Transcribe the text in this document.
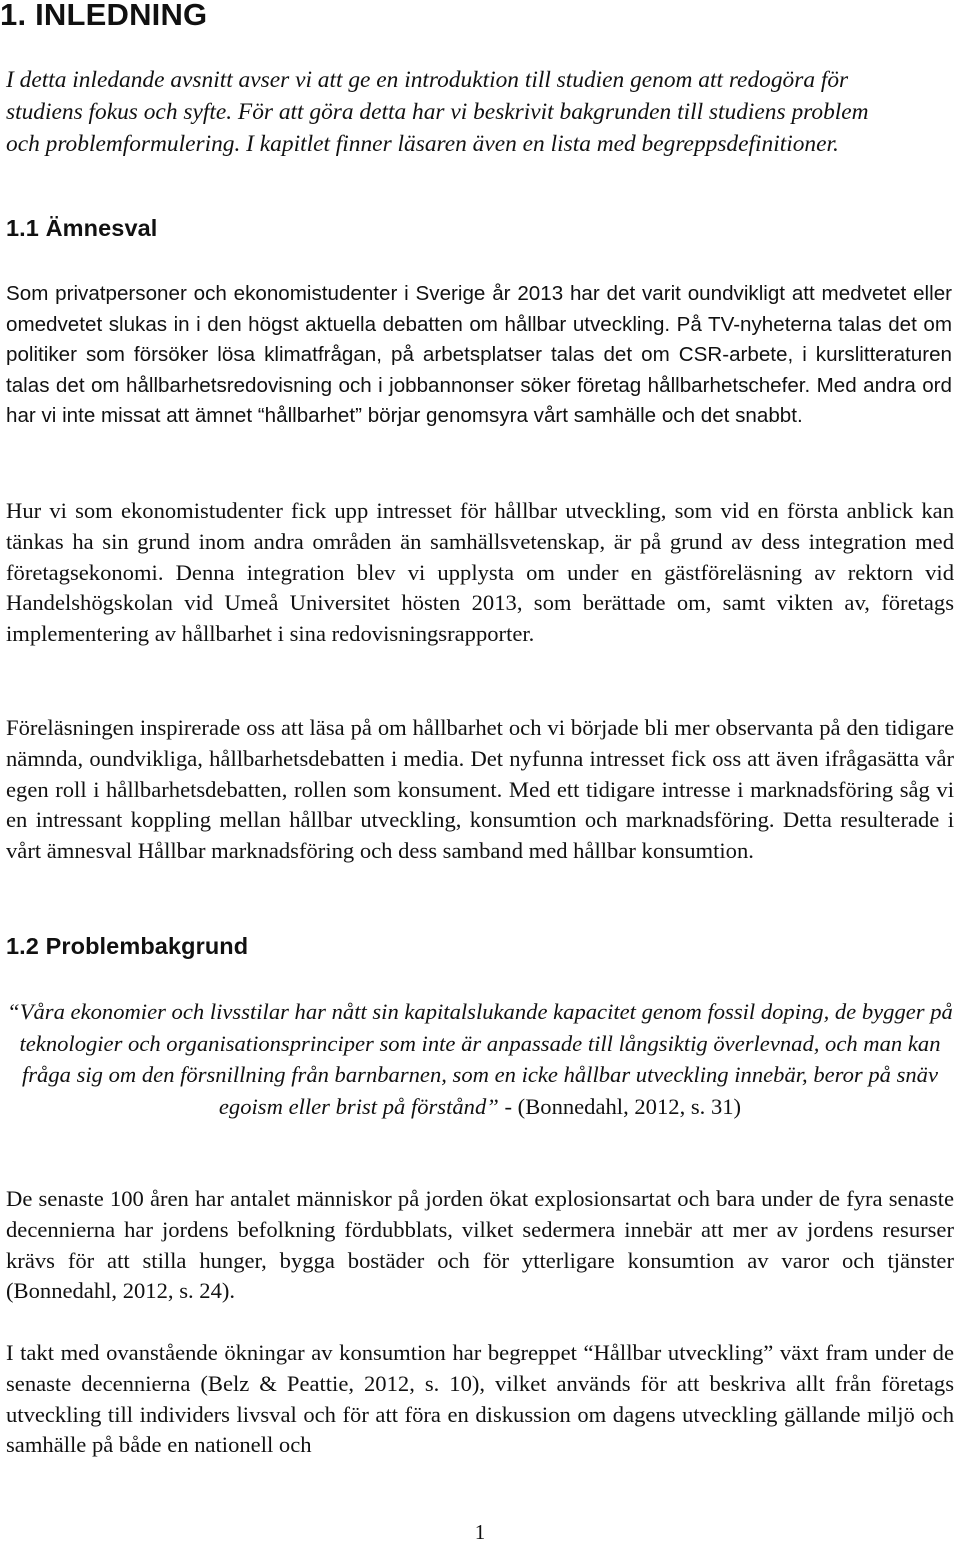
1. INLEDNING

I detta inledande avsnitt avser vi att ge en introduktion till studien genom att redogöra för studiens fokus och syfte. För att göra detta har vi beskrivit bakgrunden till studiens problem och problemformulering. I kapitlet finner läsaren även en lista med begreppsdefinitioner.

1.1 Ämnesval

Som privatpersoner och ekonomistudenter i Sverige år 2013 har det varit oundvikligt att medvetet eller omedvetet slukas in i den högst aktuella debatten om hållbar utveckling. På TV-nyheterna talas det om politiker som försöker lösa klimatfrågan, på arbetsplatser talas det om CSR-arbete, i kurslitteraturen talas det om hållbarhetsredovisning och i jobbannonser söker företag hållbarhetschefer. Med andra ord har vi inte missat att ämnet “hållbarhet” börjar genomsyra vårt samhälle och det snabbt.

Hur vi som ekonomistudenter fick upp intresset för hållbar utveckling, som vid en första anblick kan tänkas ha sin grund inom andra områden än samhällsvetenskap, är på grund av dess integration med företagsekonomi. Denna integration blev vi upplysta om under en gästföreläsning av rektorn vid Handelshögskolan vid Umeå Universitet hösten 2013, som berättade om, samt vikten av, företags implementering av hållbarhet i sina redovisningsrapporter.

Föreläsningen inspirerade oss att läsa på om hållbarhet och vi började bli mer observanta på den tidigare nämnda, oundvikliga, hållbarhetsdebatten i media. Det nyfunna intresset fick oss att även ifrågasätta vår egen roll i hållbarhetsdebatten, rollen som konsument. Med ett tidigare intresse i marknadsföring såg vi en intressant koppling mellan hållbar utveckling, konsumtion och marknadsföring. Detta resulterade i vårt ämnesval Hållbar marknadsföring och dess samband med hållbar konsumtion.

1.2 Problembakgrund

“Våra ekonomier och livsstilar har nått sin kapitalslukande kapacitet genom fossil doping, de bygger på teknologier och organisationsprinciper som inte är anpassade till långsiktig överlevnad, och man kan fråga sig om den försnillning från barnbarnen, som en icke hållbar utveckling innebär, beror på snäv egoism eller brist på förstånd” - (Bonnedahl, 2012, s. 31)

De senaste 100 åren har antalet människor på jorden ökat explosionsartat och bara under de fyra senaste decennierna har jordens befolkning fördubblats, vilket sedermera innebär att mer av jordens resurser krävs för att stilla hunger, bygga bostäder och för ytterligare konsumtion av varor och tjänster (Bonnedahl, 2012, s. 24).

I takt med ovanstående ökningar av konsumtion har begreppet “Hållbar utveckling” växt fram under de senaste decennierna (Belz & Peattie, 2012, s. 10), vilket används för att beskriva allt från företags utveckling till individers livsval och för att föra en diskussion om dagens utveckling gällande miljö och samhälle på både en nationell och

1
